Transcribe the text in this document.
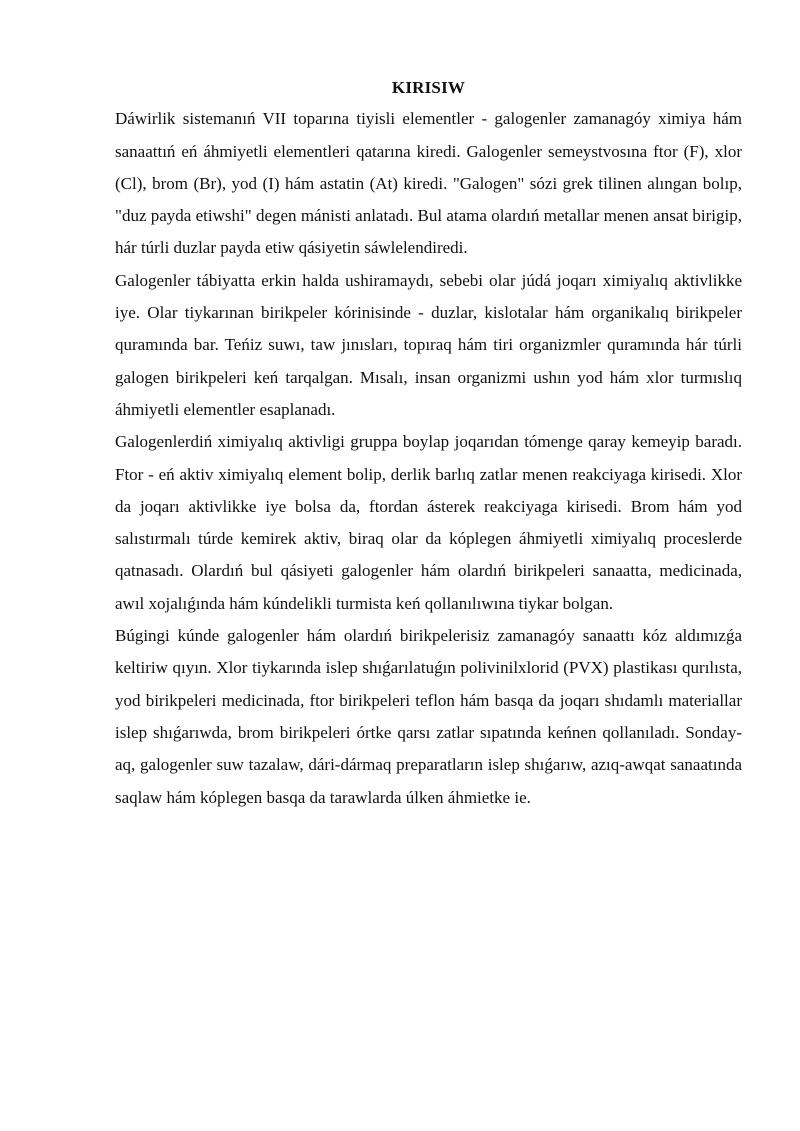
KIRISIW

Dáwirlik sistemanıń VII toparına tiyisli elementler - galogenler zamanagóy ximiya hám sanaattıń eń áhmiyetli elementleri qatarına kiredi. Galogenler semeystvosına ftor (F), xlor (Cl), brom (Br), yod (I) hám astatin (At) kiredi. "Galogen" sózi grek tilinen alıngan bolıp, "duz payda etiwshi" degen mánisti anlatadı. Bul atama olardıń metallar menen ansat birigip, hár túrli duzlar payda etiw qásiyetin sáwlelendiredi.

Galogenler tábiyatta erkin halda ushiramaydı, sebebi olar júdá joqarı ximiyalıq aktivlikke iye. Olar tiykarınan birikpeler kórinisinde - duzlar, kislotalar hám organikalıq birikpeler quramında bar. Teńiz suwı, taw jınısları, topıraq hám tiri organizmler quramında hár túrli galogen birikpeleri keń tarqalgan. Mısalı, insan organizmi ushın yod hám xlor turmıslıq áhmiyetli elementler esaplanadı.

Galogenlerdiń ximiyalıq aktivligi gruppa boylap joqarıdan tómenge qaray kemeyip baradı. Ftor - eń aktiv ximiyalıq element bolip, derlik barlıq zatlar menen reakciyaga kirisedi. Xlor da joqarı aktivlikke iye bolsa da, ftordan ásterek reakciyaga kirisedi. Brom hám yod salıstırmalı túrde kemirek aktiv, biraq olar da kóplegen áhmiyetli ximiyalıq proceslerde qatnasadı. Olardıń bul qásiyeti galogenler hám olardıń birikpeleri sanaatta, medicinada, awıl xojalıǵında hám kúndelikli turmista keń qollanılıwına tiykar bolgan.

Búgingi kúnde galogenler hám olardıń birikpelerisiz zamanagóy sanaattı kóz aldımızǵa keltiriw qıyın. Xlor tiykarında islep shıǵarılatuǵın polivinilxlorid (PVX) plastikası qurılısta, yod birikpeleri medicinada, ftor birikpeleri teflon hám basqa da joqarı shıdamlı materiallar islep shıǵarıwda, brom birikpeleri órtke qarsı zatlar sıpatında keńnen qollanıladı. Sonday-aq, galogenler suw tazalaw, dári-dármaq preparatların islep shıǵarıw, azıq-awqat sanaatında saqlaw hám kóplegen basqa da tarawlarda úlken áhmietke ie.
